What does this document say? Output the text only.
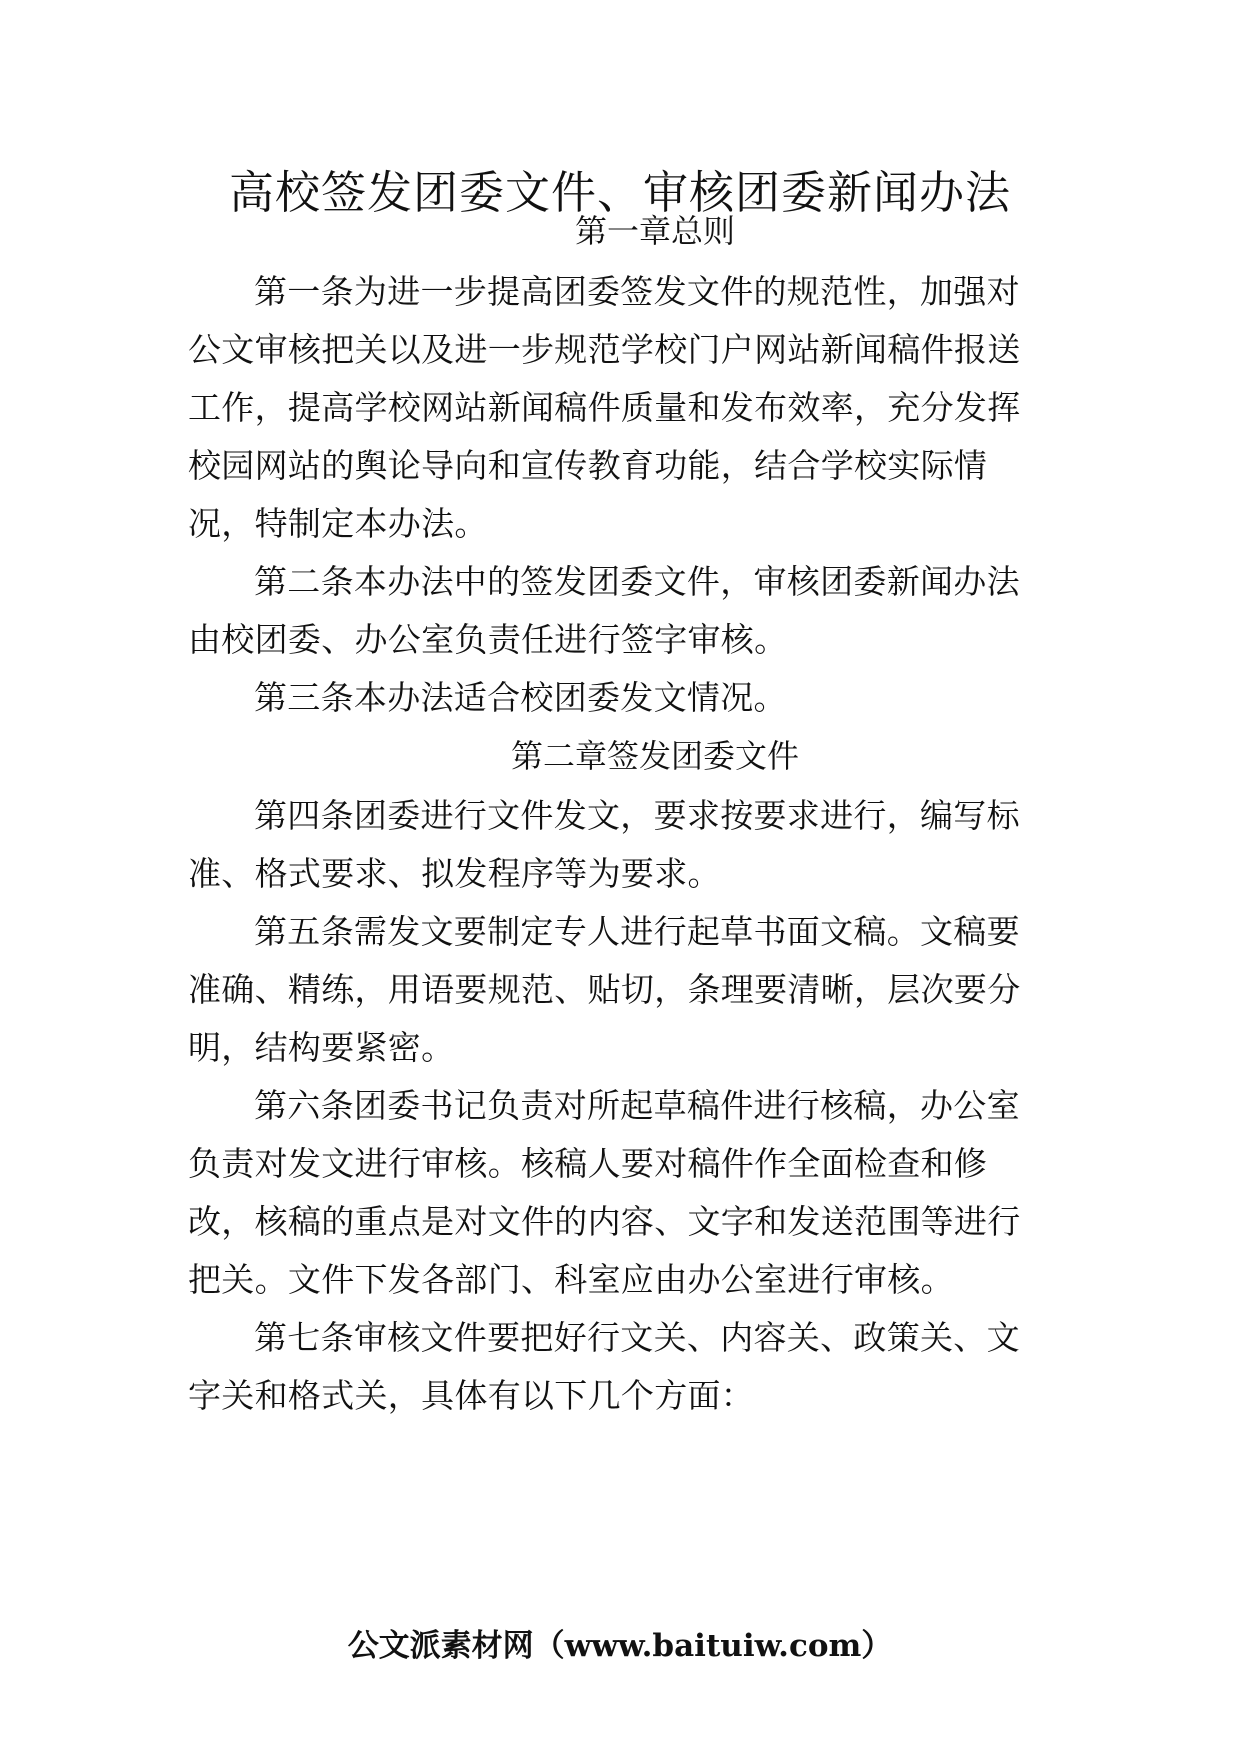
高校签发团委文件、审核团委新闻办法
第一章总则
第一条为进一步提高团委签发文件的规范性，加强对
公文审核把关以及进一步规范学校门户网站新闻稿件报送
工作，提高学校网站新闻稿件质量和发布效率，充分发挥
校园网站的舆论导向和宣传教育功能，结合学校实际情
况，特制定本办法。
第二条本办法中的签发团委文件，审核团委新闻办法
由校团委、办公室负责任进行签字审核。
第三条本办法适合校团委发文情况。
第二章签发团委文件
第四条团委进行文件发文，要求按要求进行，编写标
准、格式要求、拟发程序等为要求。
第五条需发文要制定专人进行起草书面文稿。文稿要
准确、精练，用语要规范、贴切，条理要清晰，层次要分
明，结构要紧密。
第六条团委书记负责对所起草稿件进行核稿，办公室
负责对发文进行审核。核稿人要对稿件作全面检查和修
改，核稿的重点是对文件的内容、文字和发送范围等进行
把关。文件下发各部门、科室应由办公室进行审核。
第七条审核文件要把好行文关、内容关、政策关、文
字关和格式关，具体有以下几个方面：
公文派素材网（www.baituiw.com）
